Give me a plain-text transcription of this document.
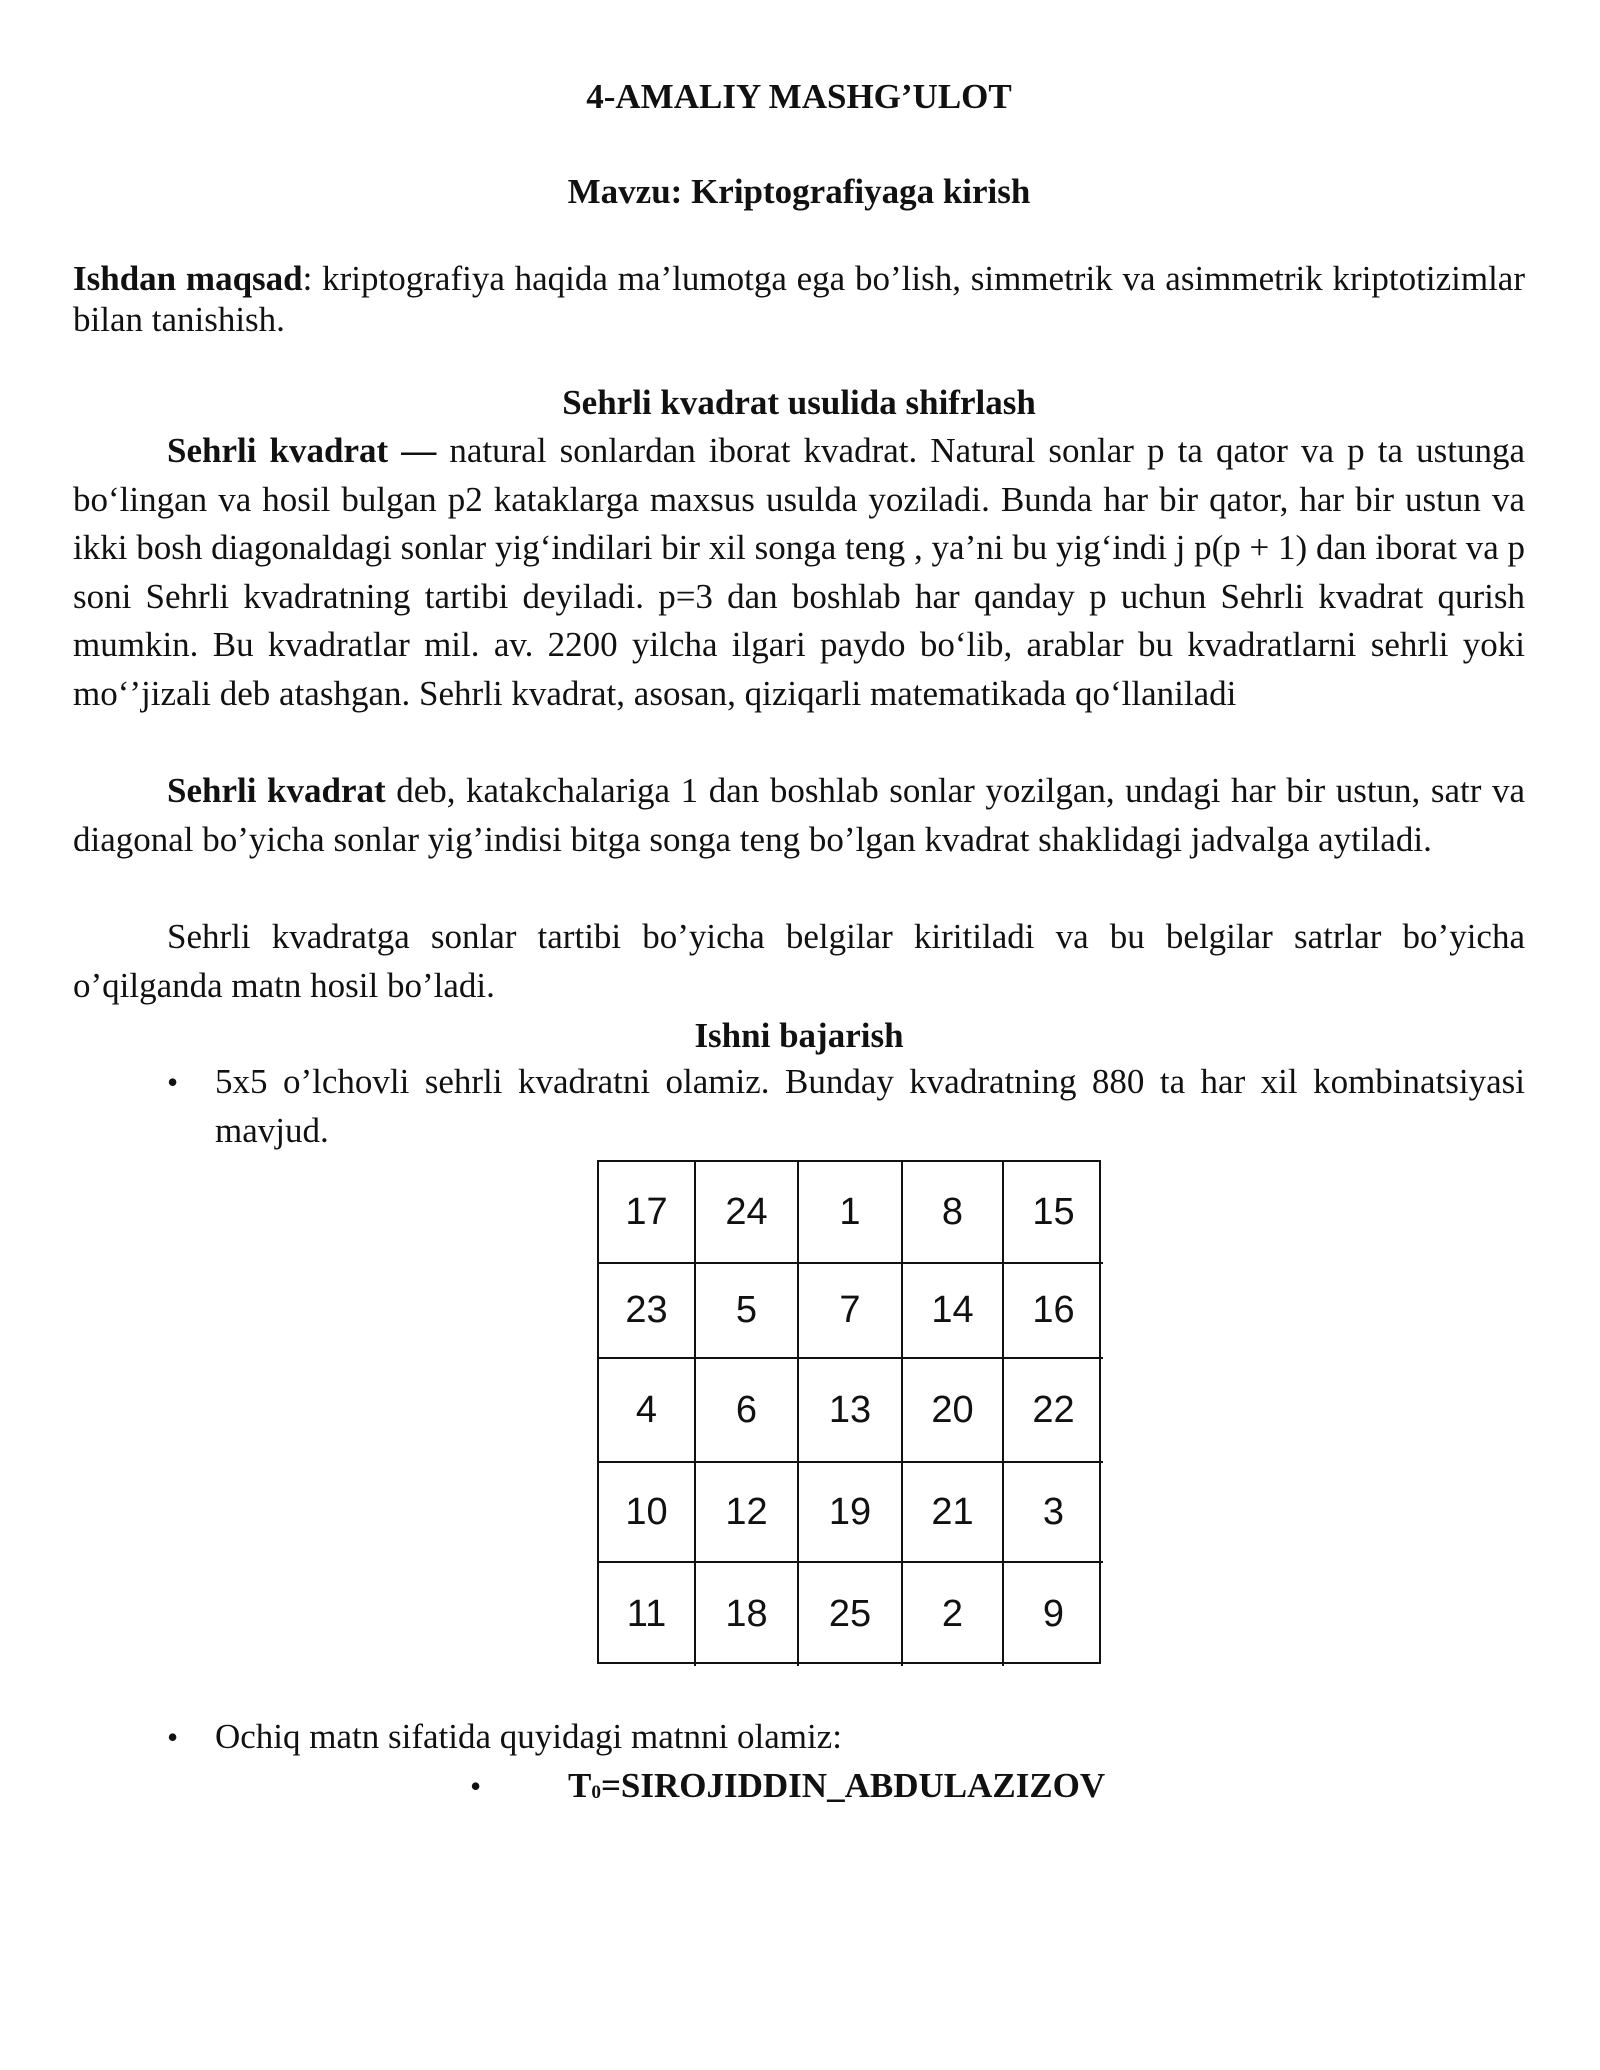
4-AMALIY MASHG’ULOT
Mavzu: Kriptografiyaga kirish

Ishdan maqsad: kriptografiya haqida ma’lumotga ega bo’lish, simmetrik va asimmetrik kriptotizimlar bilan tanishish.

Sehrli kvadrat usulida shifrlash

Sehrli kvadrat — natural sonlardan iborat kvadrat. Natural sonlar p ta qator va p ta ustunga bo‘lingan va hosil bulgan p2 kataklarga maxsus usulda yoziladi. Bunda har bir qator, har bir ustun va ikki bosh diagonaldagi sonlar yig‘indilari bir xil songa teng , ya’ni bu yig‘indi j p(p + 1) dan iborat va p soni Sehrli kvadratning tartibi deyiladi. p=3 dan boshlab har qanday p uchun Sehrli kvadrat qurish mumkin. Bu kvadratlar mil. av. 2200 yilcha ilgari paydo bo‘lib, arablar bu kvadratlarni sehrli yoki mo‘’jizali deb atashgan. Sehrli kvadrat, asosan, qiziqarli matematikada qo‘llaniladi

Sehrli kvadrat deb, katakchalariga 1 dan boshlab sonlar yozilgan, undagi har bir ustun, satr va diagonal bo’yicha sonlar yig’indisi bitga songa teng bo’lgan kvadrat shaklidagi jadvalga aytiladi.

Sehrli kvadratga sonlar tartibi bo’yicha belgilar kiritiladi va bu belgilar satrlar bo’yicha o’qilganda matn hosil bo’ladi.

Ishni bajarish
• 5x5 o’lchovli sehrli kvadratni olamiz. Bunday kvadratning 880 ta har xil kombinatsiyasi mavjud.
17	24	1	8	15
23	5	7	14	16
4	6	13	20	22
10	12	19	21	3
11	18	25	2	9
• Ochiq matn sifatida quyidagi matnni olamiz:
• $T_0=SIROJIDDIN\_ABDULAZIZOV$
